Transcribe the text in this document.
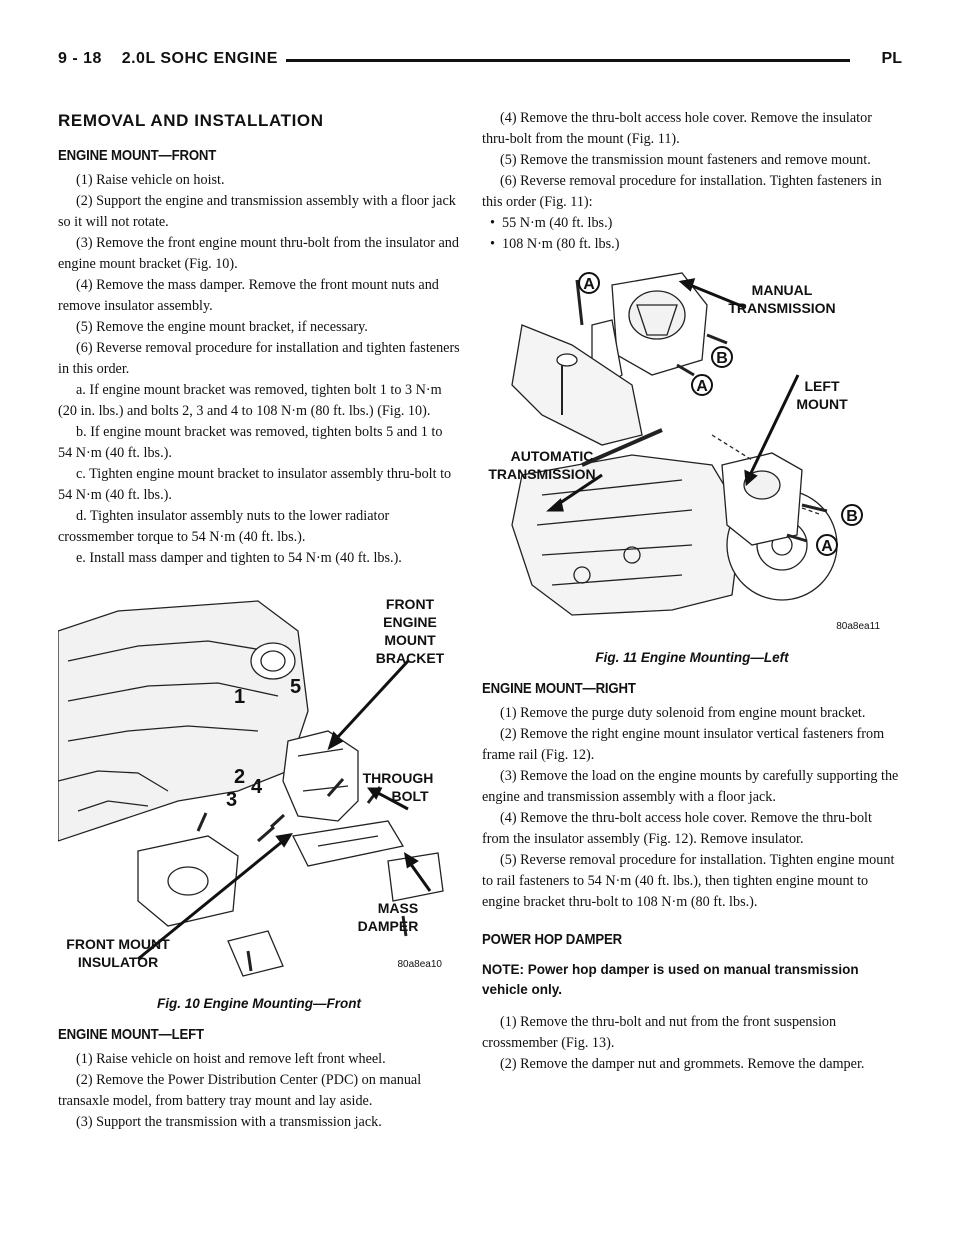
9 - 18    2.0L SOHC ENGINE	PL
REMOVAL AND INSTALLATION
ENGINE MOUNT—FRONT

(1) Raise vehicle on hoist.

(2) Support the engine and transmission assembly with a floor jack so it will not rotate.

(3) Remove the front engine mount thru-bolt from the insulator and engine mount bracket (Fig. 10).

(4) Remove the mass damper. Remove the front mount nuts and remove insulator assembly.

(5) Remove the engine mount bracket, if necessary.

(6) Reverse removal procedure for installation and tighten fasteners in this order.

a. If engine mount bracket was removed, tighten bolt 1 to 3 N·m (20 in. lbs.) and bolts 2, 3 and 4 to 108 N·m (80 ft. lbs.) (Fig. 10).

b. If engine mount bracket was removed, tighten bolts 5 and 1 to 54 N·m (40 ft. lbs.).

c. Tighten engine mount bracket to insulator assembly thru-bolt to 54 N·m (40 ft. lbs.).

d. Tighten insulator assembly nuts to the lower radiator crossmember torque to 54 N·m (40 ft. lbs.).

e. Install mass damper and tighten to 54 N·m (40 ft. lbs.).

1 5
2 4
3
FRONT
ENGINE
MOUNT
BRACKET
THROUGH
BOLT
MASS
DAMPER
FRONT MOUNT
INSULATOR	80a8ea10
Fig. 10 Engine Mounting—Front
ENGINE MOUNT—LEFT

(1) Raise vehicle on hoist and remove left front wheel.

(2) Remove the Power Distribution Center (PDC) on manual transaxle model, from battery tray mount and lay aside.

(3) Support the transmission with a transmission jack.

(4) Remove the thru-bolt access hole cover. Remove the insulator thru-bolt from the mount (Fig. 11).

(5) Remove the transmission mount fasteners and remove mount.

(6) Reverse removal procedure for installation. Tighten fasteners in this order (Fig. 11):

• 55 N·m (40 ft. lbs.)
• 108 N·m (80 ft. lbs.)
A
B
A
B
A
MANUAL
TRANSMISSION
LEFT
MOUNT
AUTOMATIC
TRANSMISSION
80a8ea11
Fig. 11 Engine Mounting—Left
ENGINE MOUNT—RIGHT

(1) Remove the purge duty solenoid from engine mount bracket.

(2) Remove the right engine mount insulator vertical fasteners from frame rail (Fig. 12).

(3) Remove the load on the engine mounts by carefully supporting the engine and transmission assembly with a floor jack.

(4) Remove the thru-bolt access hole cover. Remove the thru-bolt from the insulator assembly (Fig. 12). Remove insulator.

(5) Reverse removal procedure for installation. Tighten engine mount to rail fasteners to 54 N·m (40 ft. lbs.), then tighten engine mount to engine bracket thru-bolt to 108 N·m (80 ft. lbs.).

POWER HOP DAMPER

NOTE: Power hop damper is used on manual transmission vehicle only.

(1) Remove the thru-bolt and nut from the front suspension crossmember (Fig. 13).

(2) Remove the damper nut and grommets. Remove the damper.
